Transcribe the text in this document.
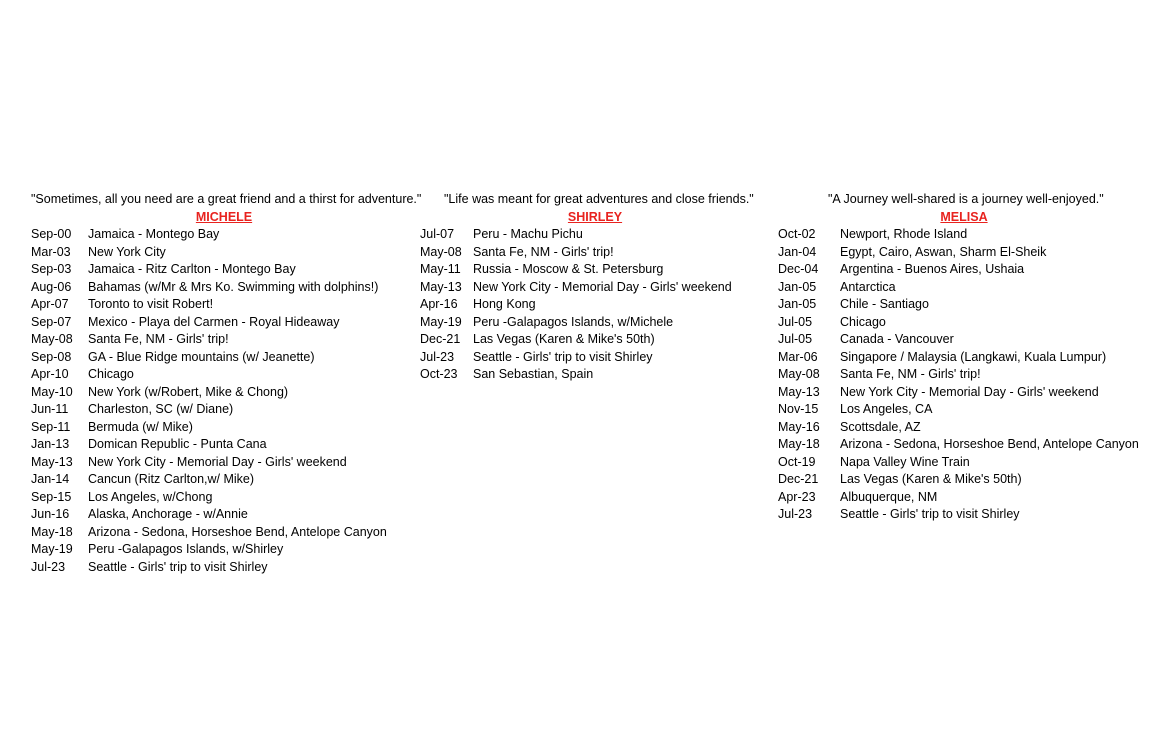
"Sometimes, all you need are a great friend and a thirst for adventure."
MICHELE
Sep-00	Jamaica - Montego Bay
Mar-03	New York City
Sep-03	Jamaica - Ritz Carlton - Montego Bay
Aug-06	Bahamas (w/Mr & Mrs Ko. Swimming with dolphins!)
Apr-07	Toronto to visit Robert!
Sep-07	Mexico - Playa del Carmen - Royal Hideaway
May-08	Santa Fe, NM - Girls' trip!
Sep-08	GA - Blue Ridge mountains (w/ Jeanette)
Apr-10	Chicago
May-10	New York (w/Robert, Mike & Chong)
Jun-11	Charleston, SC (w/ Diane)
Sep-11	Bermuda (w/ Mike)
Jan-13	Domican Republic - Punta Cana
May-13	New York City - Memorial Day - Girls' weekend
Jan-14	Cancun (Ritz Carlton,w/ Mike)
Sep-15	Los Angeles, w/Chong
Jun-16	Alaska, Anchorage - w/Annie
May-18	Arizona - Sedona, Horseshoe Bend, Antelope Canyon
May-19	Peru -Galapagos Islands, w/Shirley
Jul-23	Seattle - Girls' trip to visit Shirley
"Life was meant for great adventures and close friends."
SHIRLEY
Jul-07	Peru - Machu Pichu
May-08 Santa Fe, NM - Girls' trip!
May-11 Russia - Moscow & St. Petersburg
May-13 New York City - Memorial Day - Girls' weekend
Apr-16	Hong Kong
May-19 Peru -Galapagos Islands, w/Michele
Dec-21	Las Vegas (Karen & Mike's 50th)
Jul-23	Seattle - Girls' trip to visit Shirley
Oct-23	San Sebastian, Spain
"A Journey well-shared is a journey well-enjoyed."
MELISA
Oct-02	Newport, Rhode Island
Jan-04	Egypt, Cairo, Aswan, Sharm El-Sheik
Dec-04	Argentina - Buenos Aires, Ushaia
Jan-05	Antarctica
Jan-05	Chile - Santiago
Jul-05	Chicago
Jul-05	Canada - Vancouver
Mar-06	Singapore / Malaysia (Langkawi, Kuala Lumpur)
May-08	Santa Fe, NM - Girls' trip!
May-13	New York City - Memorial Day - Girls' weekend
Nov-15	Los Angeles, CA
May-16	Scottsdale, AZ
May-18	Arizona - Sedona, Horseshoe Bend, Antelope Canyon
Oct-19	Napa Valley Wine Train
Dec-21	Las Vegas (Karen & Mike's 50th)
Apr-23	Albuquerque, NM
Jul-23	Seattle - Girls' trip to visit Shirley
